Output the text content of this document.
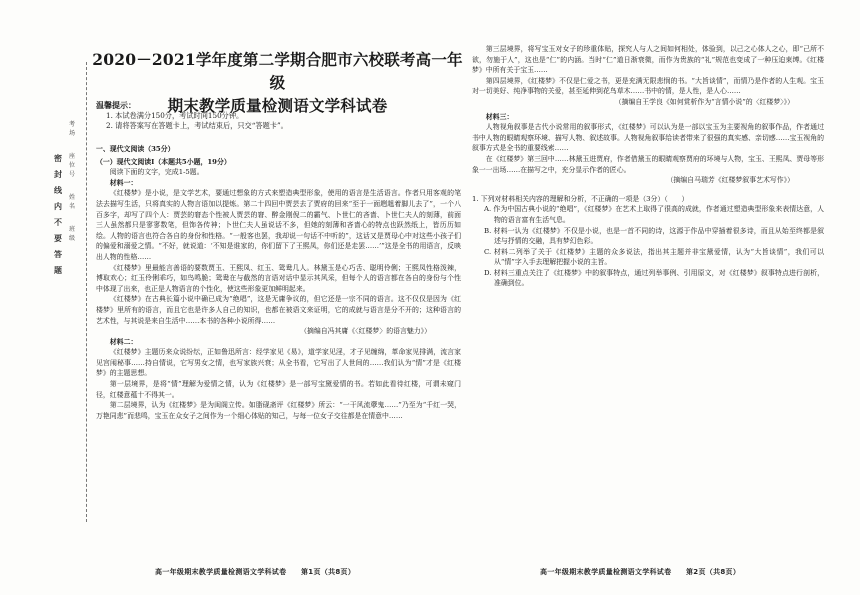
密
封
线
内
不
要
答
题
考
场
座
位
号
姓
名
班
级
2020－2021学年度第二学期合肥市六校联考高一年级
期末教学质量检测语文学科试卷
温馨提示：
1. 本试卷满分150分，考试时间150分钟。
2. 请将答案写在答题卡上，考试结束后，只交“答题卡”。
一、现代文阅读（35分）
（一）现代文阅读Ⅰ（本题共5小题，19分）

阅读下面的文字，完成1-5题。

材料一：

《红楼梦》是小说，是文学艺术，要通过想象的方式来塑造典型形象，使用的语言是生活语言。作者只用客观的笔法去描写生活，只将真实的人物言语加以提炼。第二十四回中贾芸去了贾府的回来“至于一面趔趄着脚儿去了”，一个八百多字，却写了四个人：贾芸的窘态个性被人贾芸的窘、醉金刚倪二的霸气、卜世仁的吝啬、卜世仁夫人的刻薄，前面三人虽然都只是寥寥数笔，但饰各传神；卜世仁夫人虽说话不多，但她的刻薄和吝啬心的特点也跃然纸上，皆历历如绘。人物的语言也符合各自的身份和性格。“一般客也罢，我却说一句话不中听的”，这话又是贾母心中对这些小孩子们的偏爱和溺爱之情。“不好，就说道：‘不知是谁家的，你们留下了王熙凤，你们还是走罢……’”这是全书的用语言，反映出人物的性格……

《红楼梦》里最能言善语的要数贾玉、王熙凤、红玉、鸳鸯几人。林黛玉是心巧舌、聪明伶俐；王熙凤性格泼辣，博取欢心；红玉伶俐乖巧，如鸟鸣脆；鸳鸯在与截然的言语对话中显示其风采，但每个人的语言都在各自的身份与个性中体现了出来，也正是人物语言的个性化，使这些形象更加鲜明起来。

《红楼梦》在古典长篇小说中确已成为“绝唱”，这是无庸争议的，但它还是一宗不同的语言。这不仅仅是因为《红楼梦》里所有的语言，而且它也是许多人自己的知识，也都在被语文来证明，它的成就与语言是分不开的；这种语言的艺术性，与其说是来自生活中……本书的各种小说所得……

（摘编自冯其庸《〈红楼梦〉的语言魅力》）

材料二：

《红楼梦》主题历来众说纷纭，正如鲁迅所言：经学家见《易》，道学家见淫，才子见缠绵，革命家见排满，流言家见宫闱秘事……持自情说，它写男女之情，也写家族兴衰；从全书看，它写出了人世间的……我们认为“情”才是《红楼梦》的主题思想。

第一层境界，是将“情”理解为爱情之情，认为《红楼梦》是一部写宝黛爱情的书。若如此看待红楼，可谓未窥门径，红楼意蕴十不得其一。

第二层境界，认为《红楼梦》是为闺阁立传。如脂砚斋评《红楼梦》所云：“一干风流孽鬼……”乃至为“千红一哭，万艳同悲”而悲鸣，宝玉在众女子之间作为一个细心体贴的知己，与每一位女子交往都是在情意中……

高一年级期末教学质量检测语文学科试卷　　第1页（共8页）

第三层境界，将写宝玉对女子的珍重体贴，探究人与人之间如何相处，体验到，以己之心体人之心，即“己所不欲，勿施于人”，这也是“仁”的内涵。当时“仁”道日渐衰微，而作为贵族的“礼”规范也变成了一种压迫束缚。《红楼梦》中所有关于宝玉……

第四层境界，《红楼梦》不仅是仁爱之书，更是充满无限悲悯的书。“大旨谈情”，而情乃是作者的人生观。宝玉对一切美好、纯净事物的关爱，甚至延伸到花鸟草木……书中的情，是人性，是人心……

（摘编自王学良《如何赏析作为“言情小说”的〈红楼梦〉》）

材料三：

人物视角叙事是古代小说常用的叙事形式，《红楼梦》可以认为是一部以宝玉为主要视角的叙事作品，作者通过书中人物的眼睛观察环境、描写人物、叙述故事。人物视角叙事给读者带来了很强的真实感、亲切感……宝玉视角的叙事方式是全书的重要线索……

在《红楼梦》第三回中……林黛玉进贾府，作者借黛玉的眼睛观察贾府的环境与人物，宝玉、王熙凤、贾母等形象一一出场……在描写之中，充分显示作者的匠心。

（摘编自马瑞芳《红楼梦叙事艺术写作》）

1. 下列对材料相关内容的理解和分析，不正确的一项是（3分）（　　）

A. 作为中国古典小说的“绝唱”，《红楼梦》在艺术上取得了很高的成就，作者通过塑造典型形象来表情达意，人物的语言富有生活气息。

B. 材料一认为《红楼梦》不仅是小说，也是一首不同的诗，这源于作品中穿插着很多诗，而且从始至终都是叙述与抒情的交融，具有梦幻色彩。

C. 材料二列举了关于《红楼梦》主题的众多说法，指出其主题并非宝黛爱情，认为“大旨谈情”，我们可以从“情”字入手去理解把握小说的主旨。

D. 材料三重点关注了《红楼梦》中的叙事特点，通过列举事例、引用原文，对《红楼梦》叙事特点进行剖析，准确到位。

高一年级期末教学质量检测语文学科试卷　　第2页（共8页）
